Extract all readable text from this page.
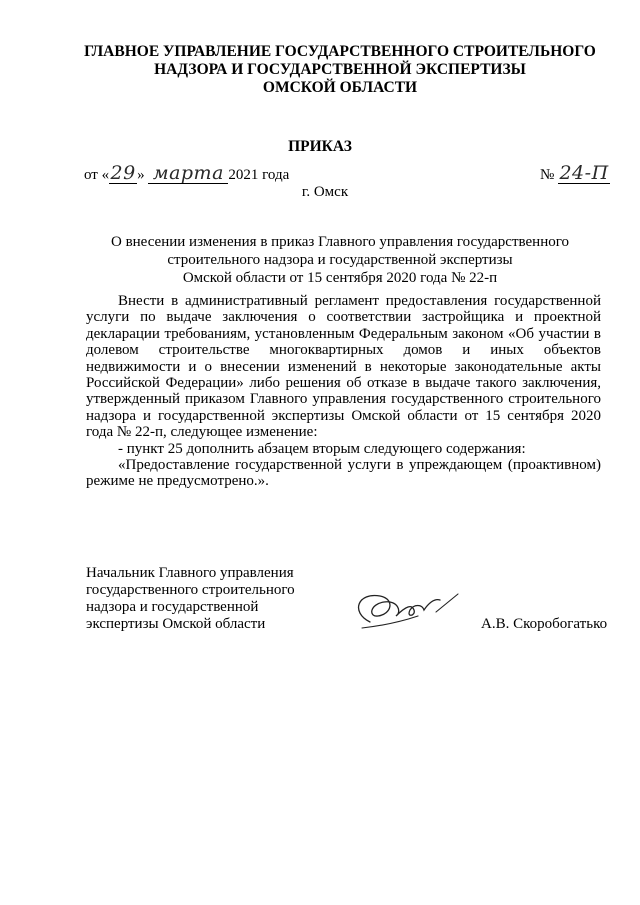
ГЛАВНОЕ УПРАВЛЕНИЕ ГОСУДАРСТВЕННОГО СТРОИТЕЛЬНОГО
НАДЗОРА И ГОСУДАРСТВЕННОЙ ЭКСПЕРТИЗЫ
ОМСКОЙ ОБЛАСТИ
ПРИКАЗ
от «29» марта 2021 года	№ 24-П
г. Омск
О внесении изменения в приказ Главного управления государственного
строительного надзора и государственной экспертизы
Омской области от 15 сентября 2020 года № 22-п

Внести в административный регламент предоставления государственной услуги по выдаче заключения о соответствии застройщика и проектной декларации требованиям, установленным Федеральным законом «Об участии в долевом строительстве многоквартирных домов и иных объектов недвижимости и о внесении изменений в некоторые законодательные акты Российской Федерации» либо решения об отказе в выдаче такого заключения, утвержденный приказом Главного управления государственного строительного надзора и государственной экспертизы Омской области от 15 сентября 2020 года № 22-п, следующее изменение:

- пункт 25 дополнить абзацем вторым следующего содержания:

«Предоставление государственной услуги в упреждающем (проактивном) режиме не предусмотрено.».

Начальник Главного управления
государственного строительного
надзора и государственной
экспертизы Омской области	А.В. Скоробогатько
